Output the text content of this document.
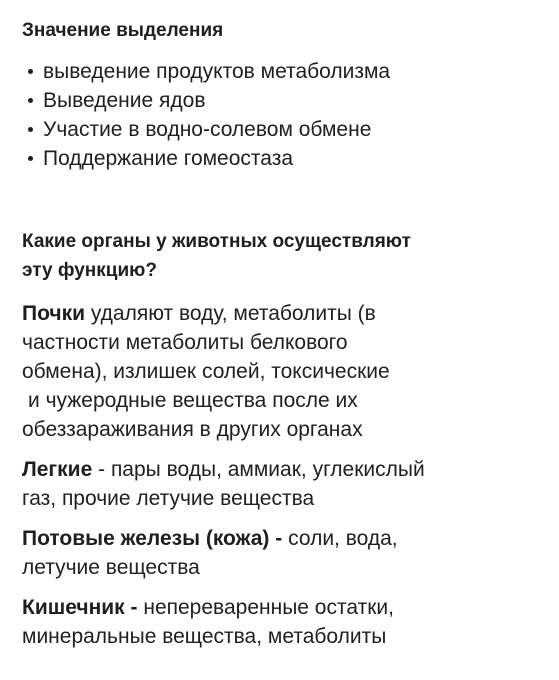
Значение выделения
выведение продуктов метаболизма
Выведение ядов
Участие в водно-солевом обмене
Поддержание гомеостаза
Какие органы у животных осуществляют
эту функцию?

Почки удаляют воду, метаболиты (в
частности метаболиты белкового
обмена), излишек солей, токсические
и чужеродные вещества после их
обеззараживания в других органах

Легкие - пары воды, аммиак, углекислый
газ, прочие летучие вещества

Потовые железы (кожа) - соли, вода,
летучие вещества

Кишечник - непереваренные остатки,
минеральные вещества, метаболиты
